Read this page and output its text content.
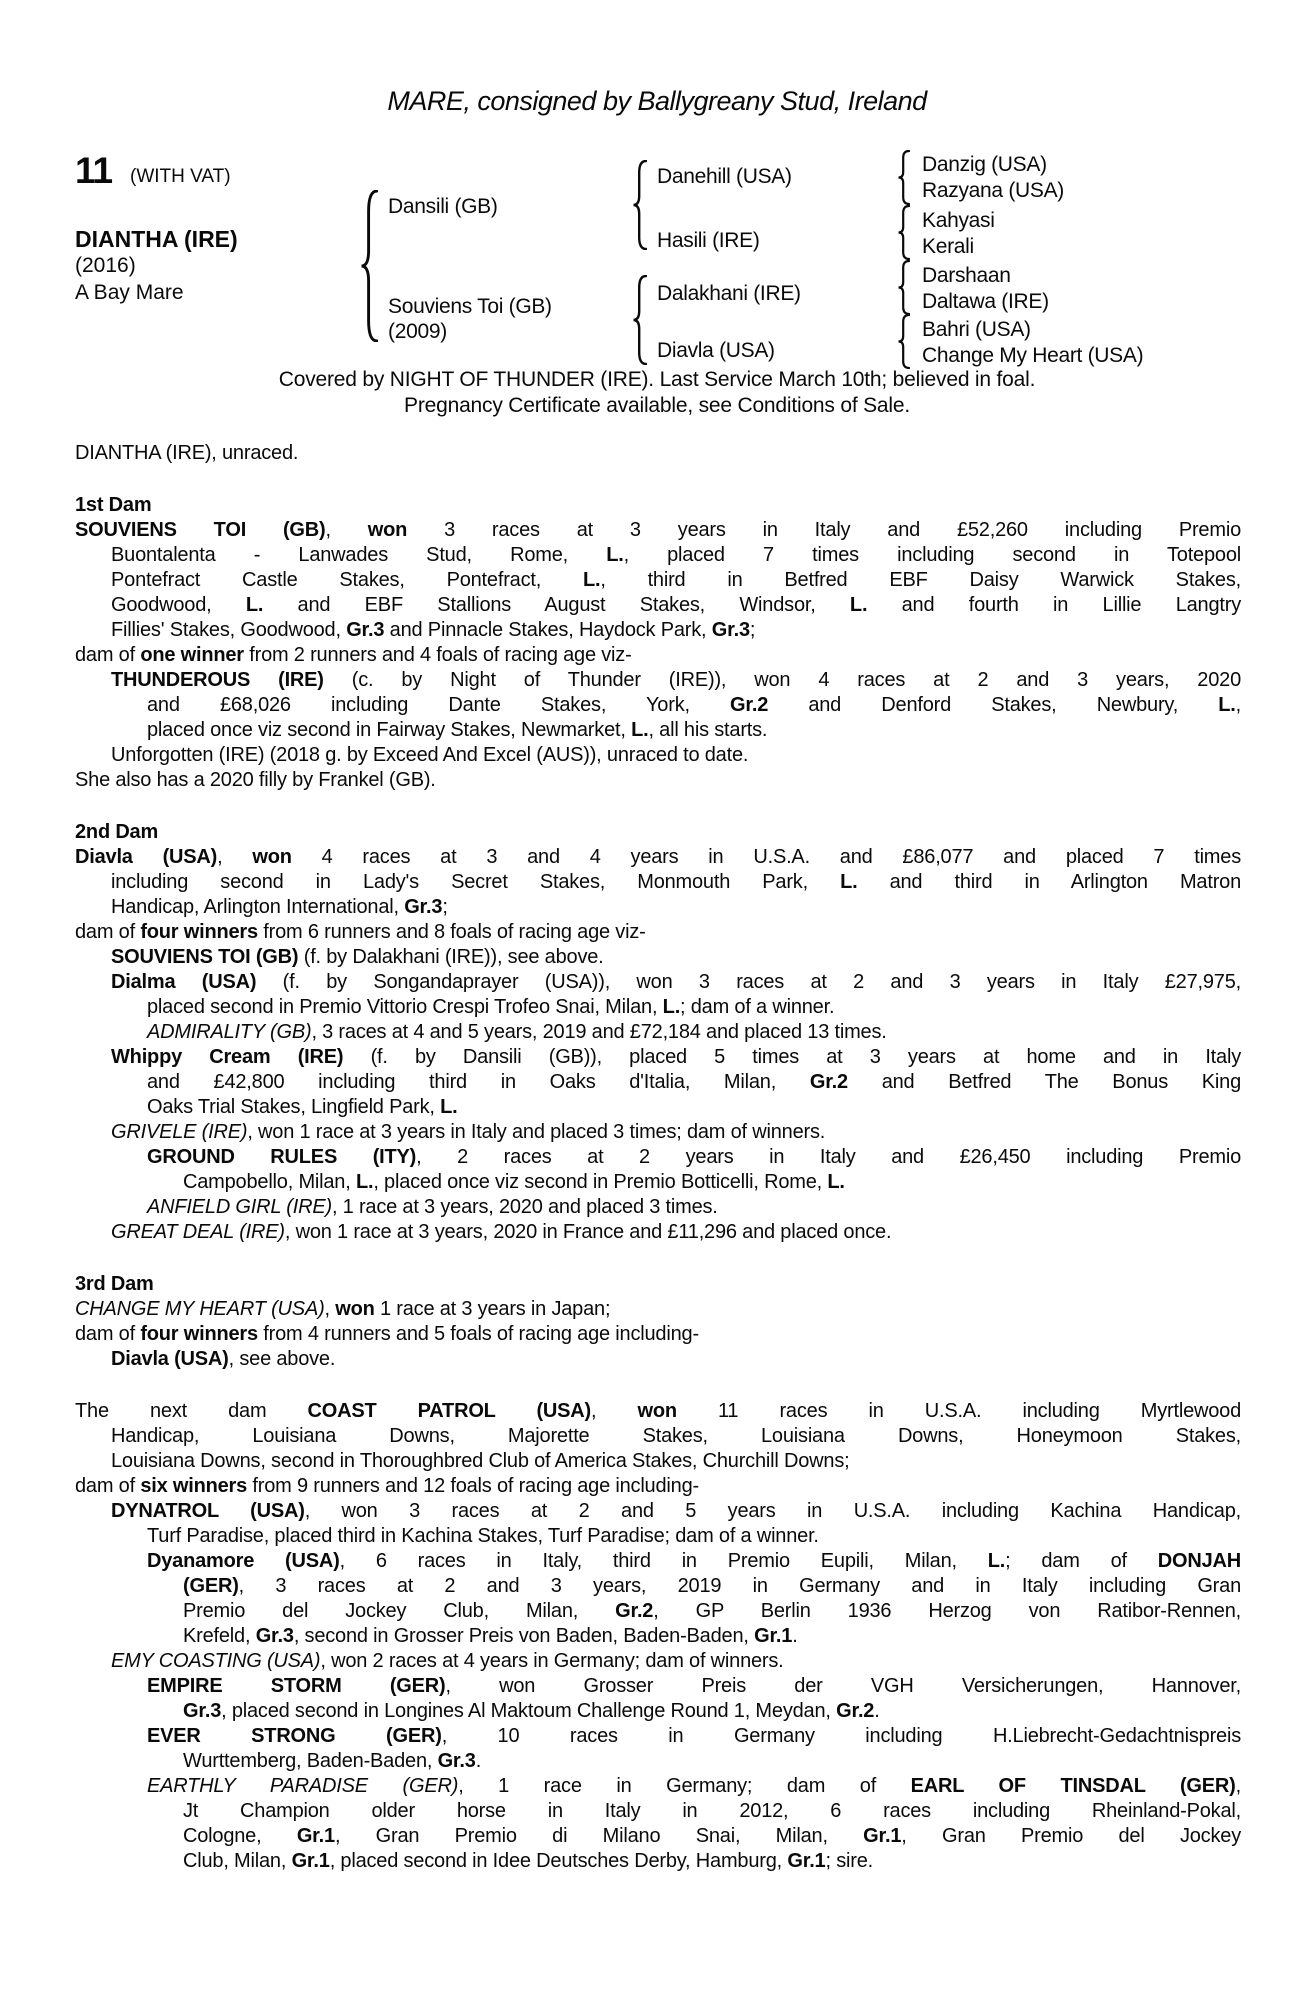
MARE, consigned by Ballygreany Stud, Ireland
11 (WITH VAT)
DIANTHA (IRE)
(2016)
A Bay Mare
Dansili (GB)
Souviens Toi (GB)
(2009)
Danehill (USA)
Hasili (IRE)
Dalakhani (IRE)
Diavla (USA)
Danzig (USA)
Razyana (USA)
Kahyasi
Kerali
Darshaan
Daltawa (IRE)
Bahri (USA)
Change My Heart (USA)
Covered by NIGHT OF THUNDER (IRE). Last Service March 10th; believed in foal.
Pregnancy Certificate available, see Conditions of Sale.
DIANTHA (IRE), unraced.
1st Dam
SOUVIENS TOI (GB), won 3 races at 3 years in Italy and £52,260 including Premio
Buontalenta - Lanwades Stud, Rome, L., placed 7 times including second in Totepool
Pontefract Castle Stakes, Pontefract, L., third in Betfred EBF Daisy Warwick Stakes,
Goodwood, L. and EBF Stallions August Stakes, Windsor, L. and fourth in Lillie Langtry
Fillies' Stakes, Goodwood, Gr.3 and Pinnacle Stakes, Haydock Park, Gr.3;
dam of one winner from 2 runners and 4 foals of racing age viz-
THUNDEROUS (IRE) (c. by Night of Thunder (IRE)), won 4 races at 2 and 3 years, 2020
and £68,026 including Dante Stakes, York, Gr.2 and Denford Stakes, Newbury, L.,
placed once viz second in Fairway Stakes, Newmarket, L., all his starts.
Unforgotten (IRE) (2018 g. by Exceed And Excel (AUS)), unraced to date.
She also has a 2020 filly by Frankel (GB).
2nd Dam
Diavla (USA), won 4 races at 3 and 4 years in U.S.A. and £86,077 and placed 7 times
including second in Lady's Secret Stakes, Monmouth Park, L. and third in Arlington Matron
Handicap, Arlington International, Gr.3;
dam of four winners from 6 runners and 8 foals of racing age viz-
SOUVIENS TOI (GB) (f. by Dalakhani (IRE)), see above.
Dialma (USA) (f. by Songandaprayer (USA)), won 3 races at 2 and 3 years in Italy £27,975,
placed second in Premio Vittorio Crespi Trofeo Snai, Milan, L.; dam of a winner.
ADMIRALITY (GB), 3 races at 4 and 5 years, 2019 and £72,184 and placed 13 times.
Whippy Cream (IRE) (f. by Dansili (GB)), placed 5 times at 3 years at home and in Italy
and £42,800 including third in Oaks d'Italia, Milan, Gr.2 and Betfred The Bonus King
Oaks Trial Stakes, Lingfield Park, L.
GRIVELE (IRE), won 1 race at 3 years in Italy and placed 3 times; dam of winners.
GROUND RULES (ITY), 2 races at 2 years in Italy and £26,450 including Premio
Campobello, Milan, L., placed once viz second in Premio Botticelli, Rome, L.
ANFIELD GIRL (IRE), 1 race at 3 years, 2020 and placed 3 times.
GREAT DEAL (IRE), won 1 race at 3 years, 2020 in France and £11,296 and placed once.
3rd Dam
CHANGE MY HEART (USA), won 1 race at 3 years in Japan;
dam of four winners from 4 runners and 5 foals of racing age including-
Diavla (USA), see above.
The next dam COAST PATROL (USA), won 11 races in U.S.A. including Myrtlewood
Handicap, Louisiana Downs, Majorette Stakes, Louisiana Downs, Honeymoon Stakes,
Louisiana Downs, second in Thoroughbred Club of America Stakes, Churchill Downs;
dam of six winners from 9 runners and 12 foals of racing age including-
DYNATROL (USA), won 3 races at 2 and 5 years in U.S.A. including Kachina Handicap,
Turf Paradise, placed third in Kachina Stakes, Turf Paradise; dam of a winner.
Dyanamore (USA), 6 races in Italy, third in Premio Eupili, Milan, L.; dam of DONJAH
(GER), 3 races at 2 and 3 years, 2019 in Germany and in Italy including Gran
Premio del Jockey Club, Milan, Gr.2, GP Berlin 1936 Herzog von Ratibor-Rennen,
Krefeld, Gr.3, second in Grosser Preis von Baden, Baden-Baden, Gr.1.
EMY COASTING (USA), won 2 races at 4 years in Germany; dam of winners.
EMPIRE STORM (GER), won Grosser Preis der VGH Versicherungen, Hannover,
Gr.3, placed second in Longines Al Maktoum Challenge Round 1, Meydan, Gr.2.
EVER STRONG (GER), 10 races in Germany including H.Liebrecht-Gedachtnispreis
Wurttemberg, Baden-Baden, Gr.3.
EARTHLY PARADISE (GER), 1 race in Germany; dam of EARL OF TINSDAL (GER),
Jt Champion older horse in Italy in 2012, 6 races including Rheinland-Pokal,
Cologne, Gr.1, Gran Premio di Milano Snai, Milan, Gr.1, Gran Premio del Jockey
Club, Milan, Gr.1, placed second in Idee Deutsches Derby, Hamburg, Gr.1; sire.
